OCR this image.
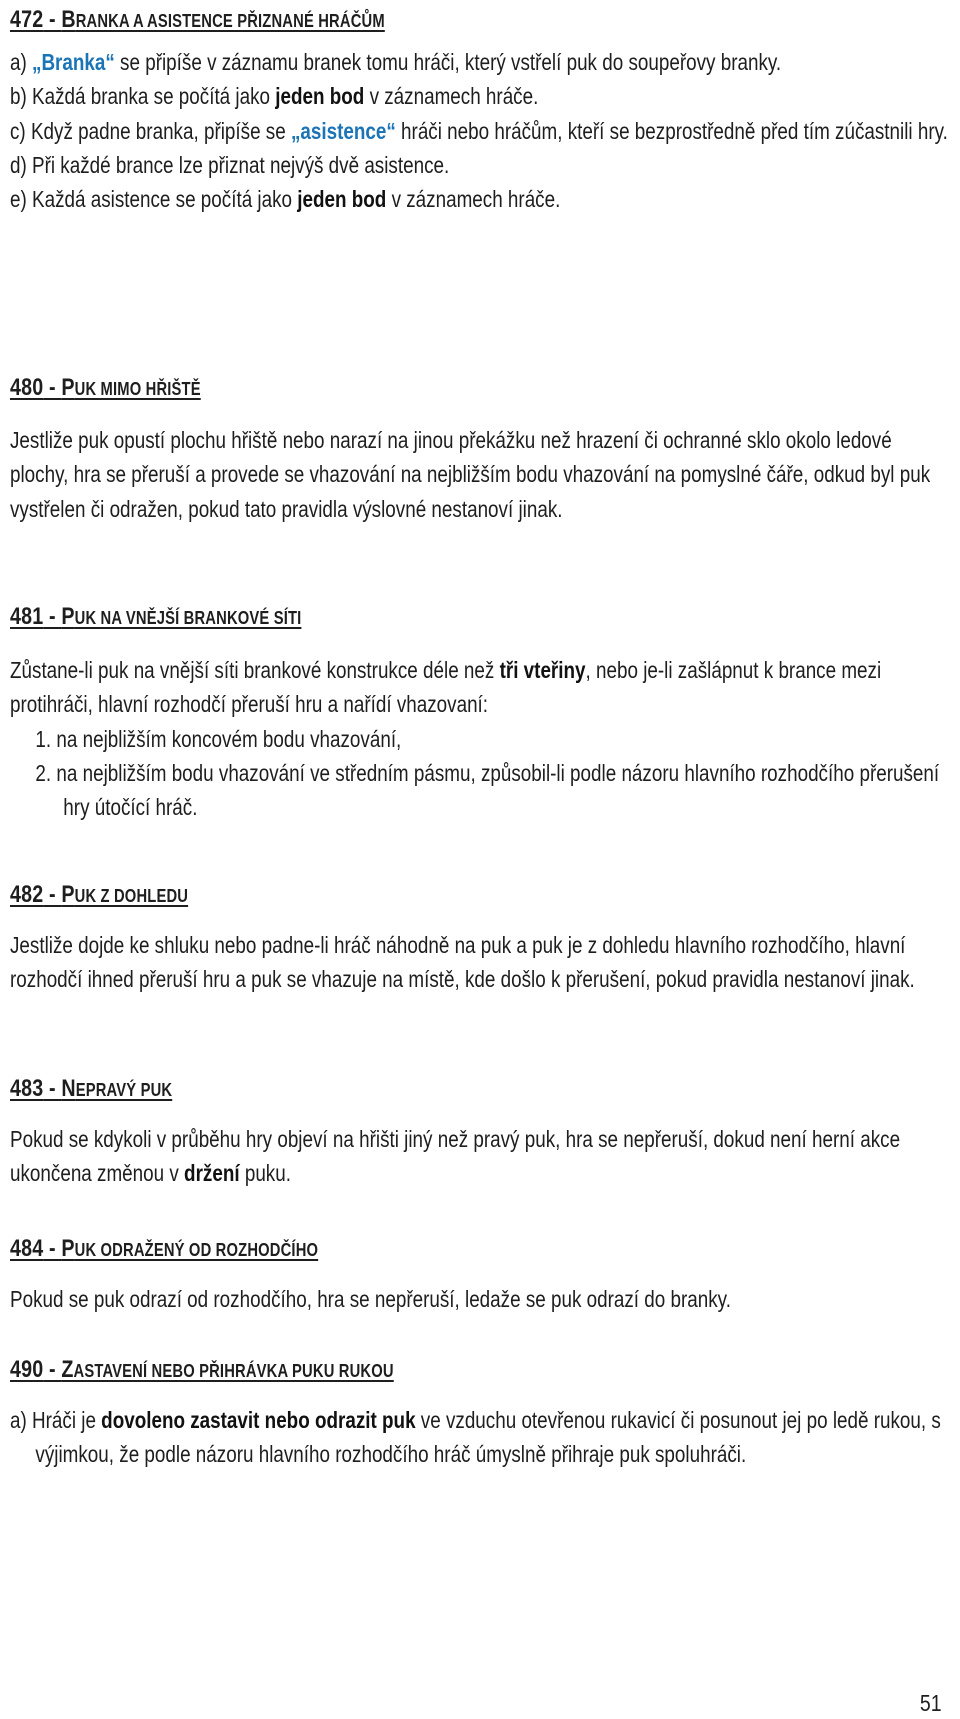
472 - BRANKA A ASISTENCE PŘIZNANÉ HRÁČŮM
a) „Branka“ se připíše v záznamu branek tomu hráči, který vstřelí puk do soupeřovy branky.
b) Každá branka se počítá jako jeden bod v záznamech hráče.
c) Když padne branka, připíše se „asistence“ hráči nebo hráčům, kteří se bezprostředně před tím zúčastnili hry.
d) Při každé brance lze přiznat nejvýš dvě asistence.
e) Každá asistence se počítá jako jeden bod v záznamech hráče.
480 - PUK MIMO HŘIŠTĚ
Jestliže puk opustí plochu hřiště nebo narazí na jinou překážku než hrazení či ochranné sklo okolo ledové plochy, hra se přeruší a provede se vhazování na nejbližším bodu vhazování na pomyslné čáře, odkud byl puk vystřelen či odražen, pokud tato pravidla výslovné nestanoví jinak.
481 - PUK NA VNĚJŠÍ BRANKOVÉ SÍTI
Zůstane-li puk na vnější síti brankové konstrukce déle než tři vteřiny, nebo je-li zašlápnut k brance mezi protihráči, hlavní rozhodčí přeruší hru a nařídí vhazovaní:
1. na nejbližším koncovém bodu vhazování,
2. na nejbližším bodu vhazování ve středním pásmu, způsobil-li podle názoru hlavního rozhodčího přerušení hry útočící hráč.
482 - PUK Z DOHLEDU
Jestliže dojde ke shluku nebo padne-li hráč náhodně na puk a puk je z dohledu hlavního rozhodčího, hlavní rozhodčí ihned přeruší hru a puk se vhazuje na místě, kde došlo k přerušení, pokud pravidla nestanoví jinak.
483 - NEPRAVÝ PUK
Pokud se kdykoli v průběhu hry objeví na hřišti jiný než pravý puk, hra se nepřeruší, dokud není herní akce ukončena změnou v držení puku.
484 - PUK ODRAŽENÝ OD ROZHODČÍHO
Pokud se puk odrazí od rozhodčího, hra se nepřeruší, ledaže se puk odrazí do branky.
490 - ZASTAVENÍ NEBO PŘIHRÁVKA PUKU RUKOU
a) Hráči je dovoleno zastavit nebo odrazit puk ve vzduchu otevřenou rukavicí či posunout jej po ledě rukou, s výjimkou, že podle názoru hlavního rozhodčího hráč úmyslně přihraje puk spoluhráči.
51
